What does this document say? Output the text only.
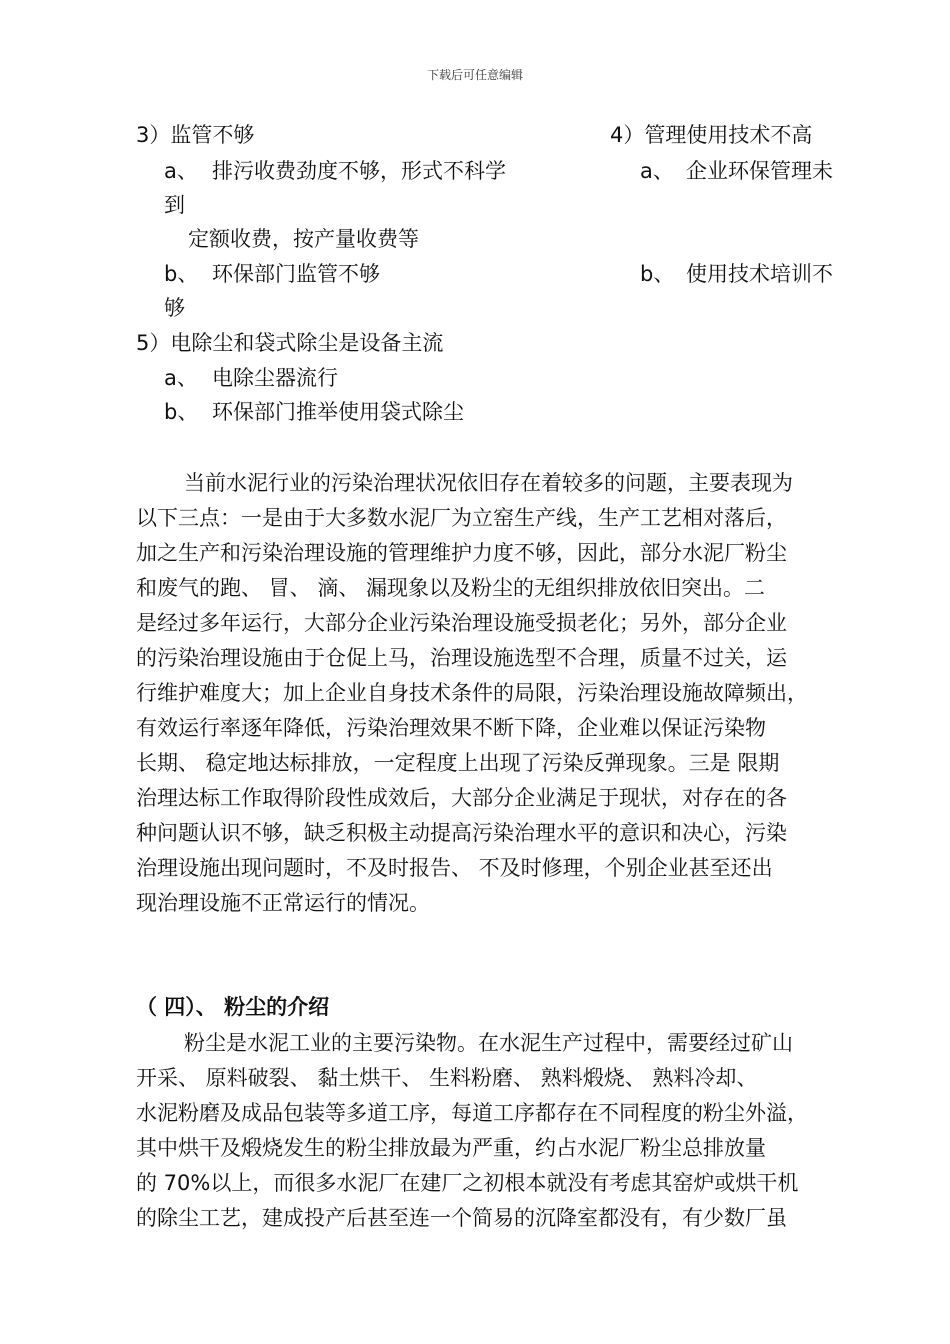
下载后可任意编辑
3）监管不够
a、 排污收费劲度不够，形式不科学
到
定额收费，按产量收费等
b、 环保部门监管不够
够
5）电除尘和袋式除尘是设备主流
a、 电除尘器流行
b、 环保部门推举使用袋式除尘
4）管理使用技术不高
a、 企业环保管理未
b、 使用技术培训不
当前水泥行业的污染治理状况依旧存在着较多的问题，主要表现为
以下三点：一是由于大多数水泥厂为立窑生产线，生产工艺相对落后，
加之生产和污染治理设施的管理维护力度不够，因此，部分水泥厂粉尘
和废气的跑、 冒、 滴、 漏现象以及粉尘的无组织排放依旧突出。二
是经过多年运行，大部分企业污染治理设施受损老化；另外，部分企业
的污染治理设施由于仓促上马，治理设施选型不合理，质量不过关，运
行维护难度大；加上企业自身技术条件的局限，污染治理设施故障频出，
有效运行率逐年降低，污染治理效果不断下降，企业难以保证污染物
长期、 稳定地达标排放，一定程度上出现了污染反弹现象。三是 限期
治理达标工作取得阶段性成效后，大部分企业满足于现状，对存在的各
种问题认识不够，缺乏积极主动提高污染治理水平的意识和决心，污染
治理设施出现问题时，不及时报告、 不及时修理，个别企业甚至还出
现治理设施不正常运行的情况。
（ 四）、 粉尘的介绍
粉尘是水泥工业的主要污染物。在水泥生产过程中，需要经过矿山
开采、 原料破裂、 黏土烘干、 生料粉磨、 熟料煅烧、 熟料冷却、
水泥粉磨及成品包装等多道工序，每道工序都存在不同程度的粉尘外溢，
其中烘干及煅烧发生的粉尘排放最为严重，约占水泥厂粉尘总排放量
的 70%以上，而很多水泥厂在建厂之初根本就没有考虑其窑炉或烘干机
的除尘工艺，建成投产后甚至连一个简易的沉降室都没有，有少数厂虽
